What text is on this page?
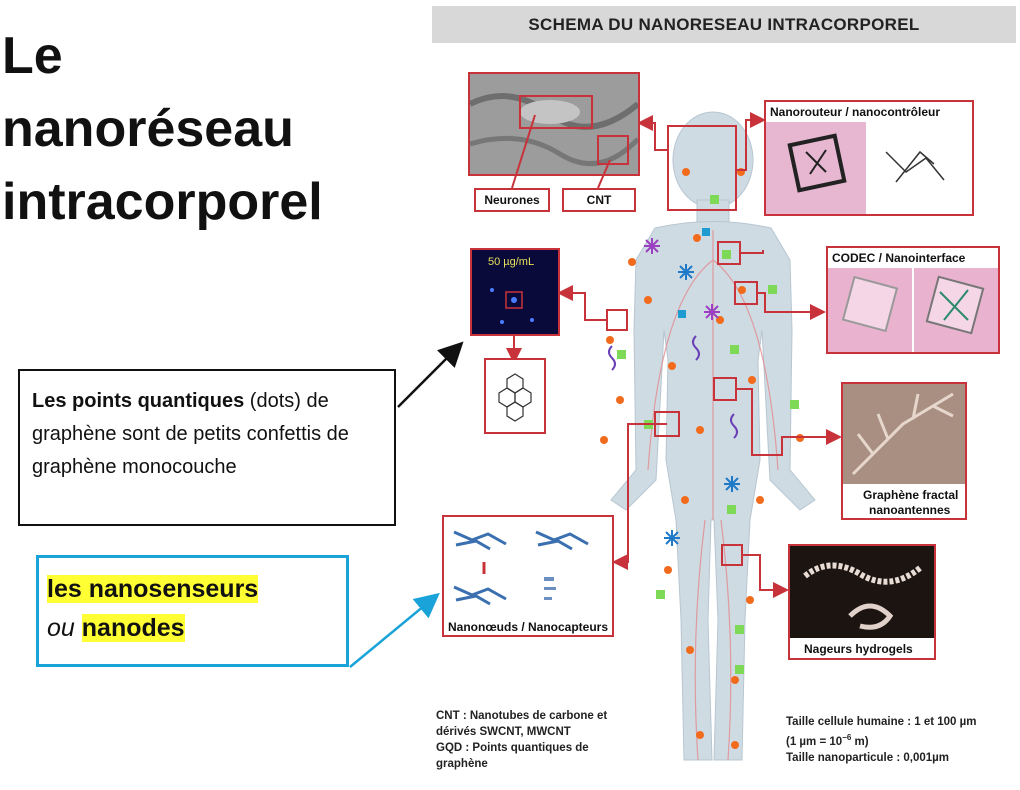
Le
nanoréseau
intracorporel
SCHEMA DU NANORESEAU INTRACORPOREL
Neurones	CNT
Nanorouteur / nanocontrôleur
CODEC / Nanointerface
50 µg/mL
Graphène fractal
nanoantennes
Nanonœuds / Nanocapteurs
Nageurs hydrogels
Les points quantiques (dots) de graphène sont de petits confettis de graphène monocouche
les nanosenseurs
ou nanodes
CNT : Nanotubes de carbone et
dérivés SWCNT, MWCNT
GQD : Points quantiques de
graphène
Taille cellule humaine : 1 et 100 µm
(1 $\mu m = 10^{-6}$ m)
Taille nanoparticule : 0,001µm
